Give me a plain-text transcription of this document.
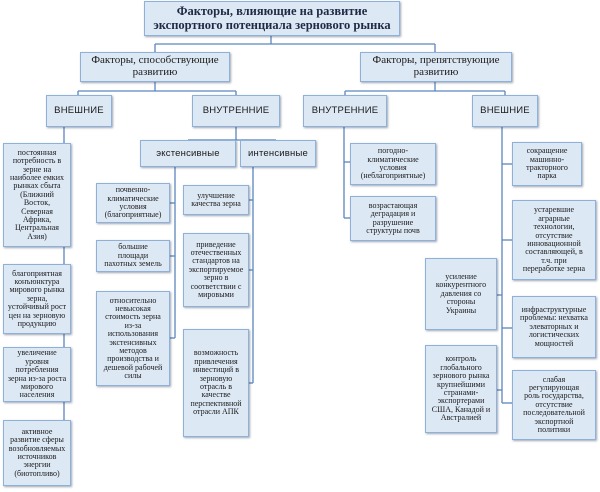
Факторы, влияющие на развитие
экспортного потенциала зернового рынка
Факторы, способствующие
развитию
Факторы, препятствующие
развитию
ВНЕШНИЕ	ВНУТРЕННИЕ	ВНУТРЕННИЕ	ВНЕШНИЕ
экстенсивные	интенсивные
постоянная
потребность в
зерне на
наиболее емких
рынках сбыта
(Ближний
Восток,
Северная
Африка,
Центральная
Азия)
благоприятная
конъюнктура
мирового рынка
зерна,
устойчивый рост
цен на зерновую
продукцию
увеличение
уровня
потребления
зерна из-за роста
мирового
населения
активное
развитие сферы
возобновляемых
источников
энергии
(биотопливо)
почвенно-
климатические
условия
(благоприятные)
большие
площади
пахотных земель
относительно
невысокая
стоимость зерна
из-за
использования
экстенсивных
методов
производства и
дешевой рабочей
силы
улучшение
качества зерна
приведение
отечественных
стандартов на
экспортируемое
зерно в
соответствии с
мировыми
возможность
привлечения
инвестиций в
зерновую
отрасль в
качестве
перспективной
отрасли АПК
погодно-
климатические
условия
(неблагоприятные)
возрастающая
деградация и
разрушение
структуры почв
усиление
конкурентного
давления со
стороны
Украины
контроль
глобального
зернового рынка
крупнейшими
странами-
экспортерами
США, Канадой и
Австралией
сокращение
машинно-
тракторного
парка
устаревшие
аграрные
технологии,
отсутствие
инновационной
составляющей, в
т.ч. при
переработке зерна
инфраструктурные
проблемы: нехватка
элеваторных и
логистических
мощностей
слабая
регулирующая
роль государства,
отсутствие
последовательной
экспортной
политики
